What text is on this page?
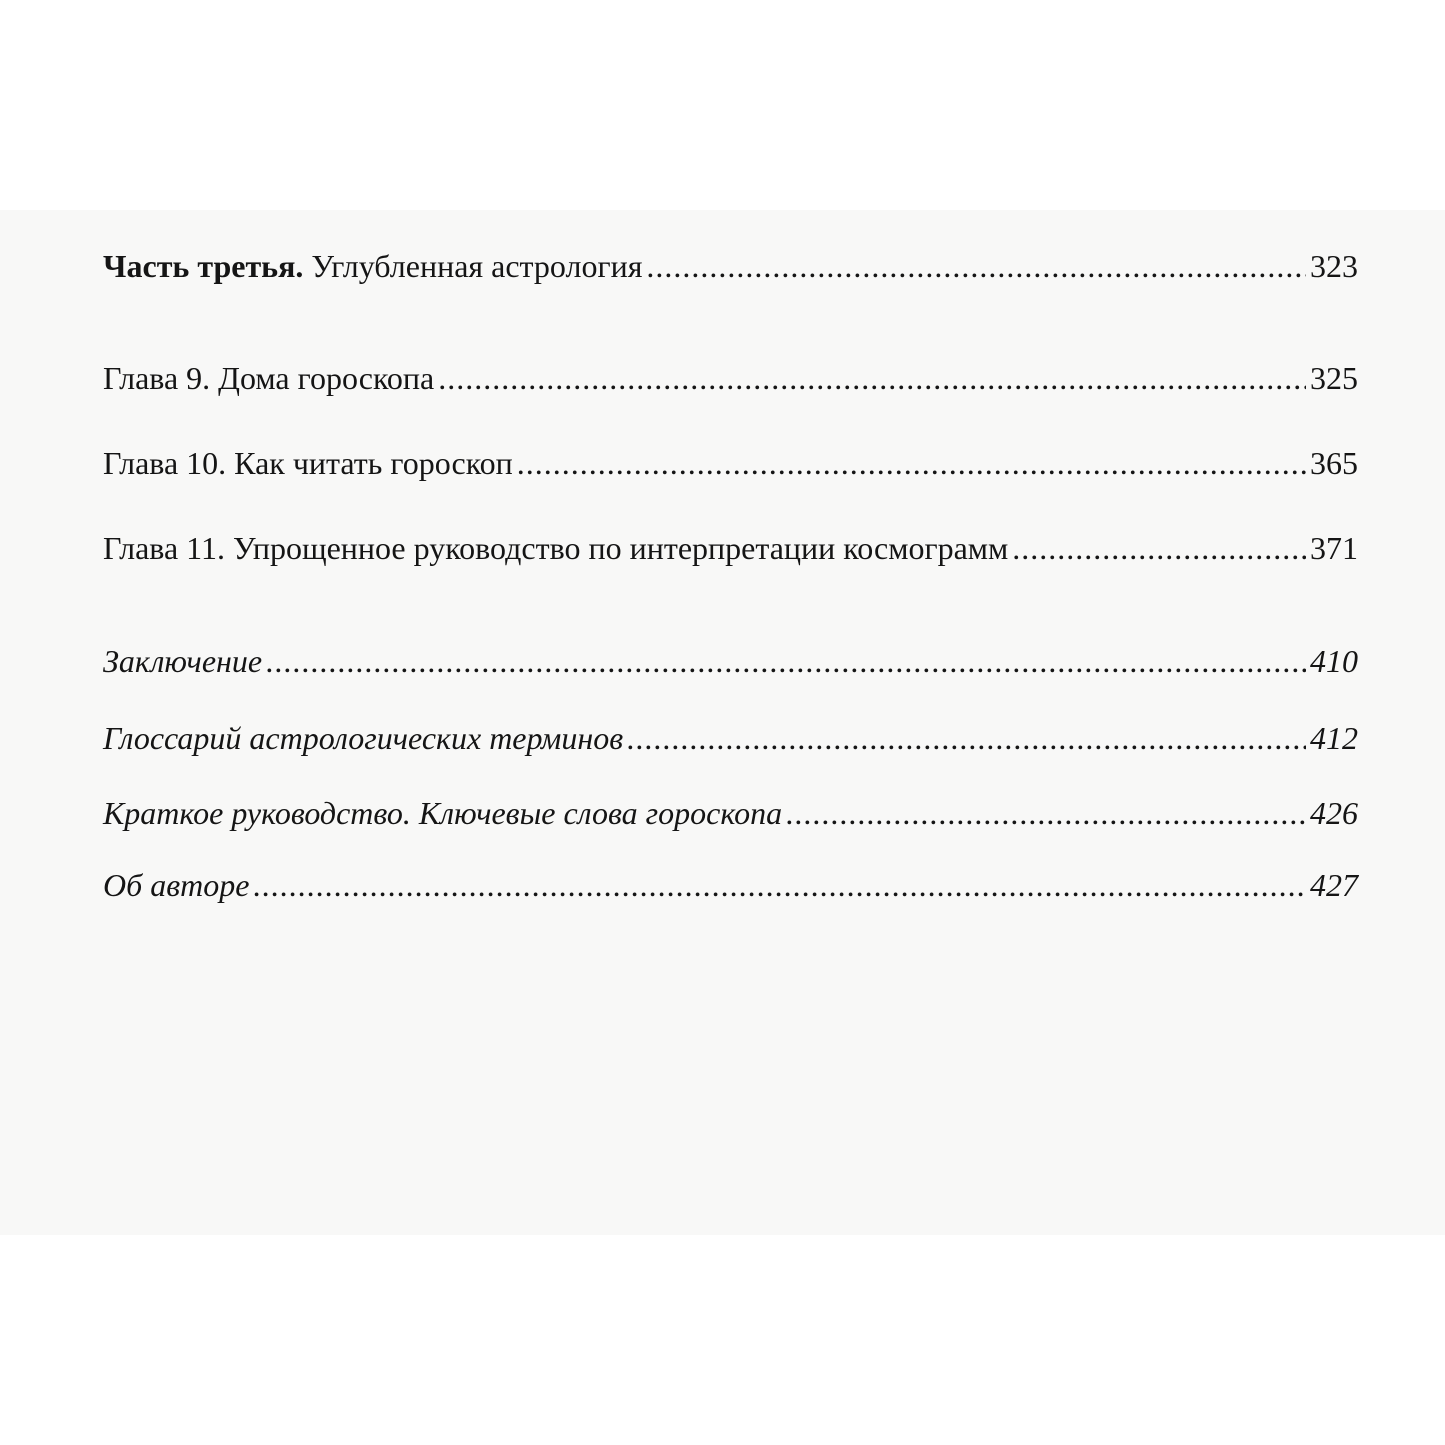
Часть третья. Углубленная астрология .....	323
Глава 9. Дома гороскопа .....	325
Глава 10. Как читать гороскоп .....	365
Глава 11. Упрощенное руководство по интерпретации космограмм .....	371
Заключение .....	410
Глоссарий астрологических терминов .....	412
Краткое руководство. Ключевые слова гороскопа .....	426
Об авторе .....	427
